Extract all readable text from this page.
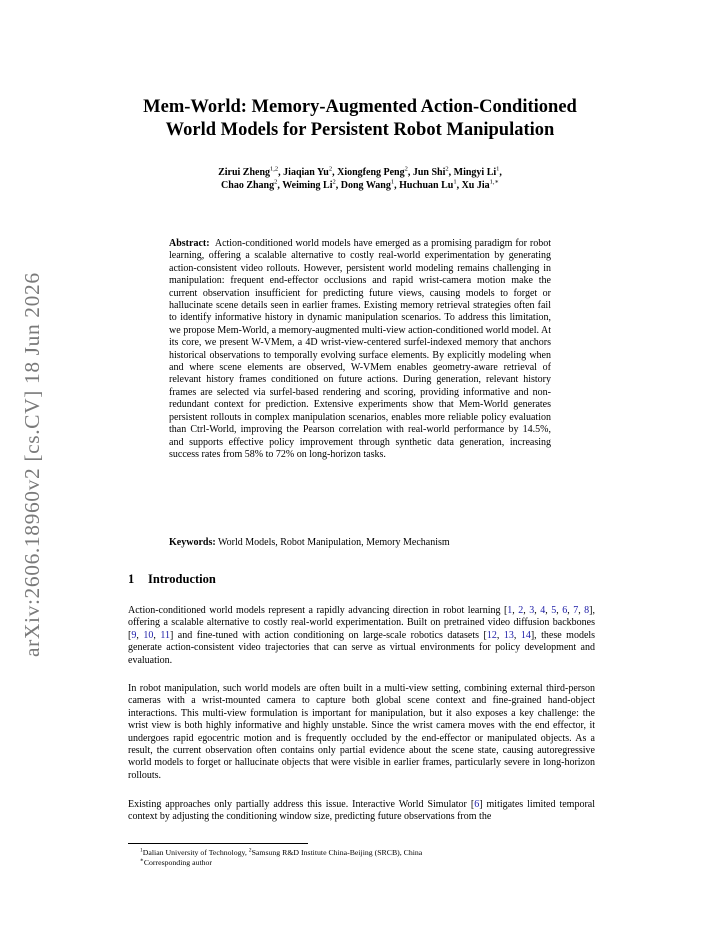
arXiv:2606.18960v2 [cs.CV] 18 Jun 2026
Mem-World: Memory-Augmented Action-Conditioned
World Models for Persistent Robot Manipulation
Zirui Zheng$^{1,2}$, Jiaqian Yu$^2$, Xiongfeng Peng$^2$, Jun Shi$^2$, Mingyi Li$^1$,
Chao Zhang$^2$, Weiming Li$^2$, Dong Wang$^1$, Huchuan Lu$^1$, Xu Jia$^{1,∗}$

Abstract: Action-conditioned world models have emerged as a promising paradigm for robot learning, offering a scalable alternative to costly real-world experimentation by generating action-consistent video rollouts. However, persistent world modeling remains challenging in manipulation: frequent end-effector occlusions and rapid wrist-camera motion make the current observation insufficient for predicting future views, causing models to forget or hallucinate scene details seen in earlier frames. Existing memory retrieval strategies often fail to identify informative history in dynamic manipulation scenarios. To address this limitation, we propose Mem-World, a memory-augmented multi-view action-conditioned world model. At its core, we present W-VMem, a 4D wrist-view-centered surfel-indexed memory that anchors historical observations to temporally evolving surface elements. By explicitly modeling when and where scene elements are observed, W-VMem enables geometry-aware retrieval of relevant history frames conditioned on future actions. During generation, relevant history frames are selected via surfel-based rendering and scoring, providing informative and non-redundant context for prediction. Extensive experiments show that Mem-World generates persistent rollouts in complex manipulation scenarios, enables more reliable policy evaluation than Ctrl-World, improving the Pearson correlation with real-world performance by 14.5%, and supports effective policy improvement through synthetic data generation, increasing success rates from 58% to 72% on long-horizon tasks.

Keywords: World Models, Robot Manipulation, Memory Mechanism

1 Introduction

Action-conditioned world models represent a rapidly advancing direction in robot learning [1, 2, 3, 4, 5, 6, 7, 8], offering a scalable alternative to costly real-world experimentation. Built on pretrained video diffusion backbones [9, 10, 11] and fine-tuned with action conditioning on large-scale robotics datasets [12, 13, 14], these models generate action-consistent video trajectories that can serve as virtual environments for policy development and evaluation.

In robot manipulation, such world models are often built in a multi-view setting, combining external third-person cameras with a wrist-mounted camera to capture both global scene context and fine-grained hand-object interactions. This multi-view formulation is important for manipulation, but it also exposes a key challenge: the wrist view is both highly informative and highly unstable. Since the wrist camera moves with the end effector, it undergoes rapid egocentric motion and is frequently occluded by the end-effector or manipulated objects. As a result, the current observation often contains only partial evidence about the scene state, causing autoregressive world models to forget or hallucinate objects that were visible in earlier frames, particularly severe in long-horizon rollouts.

Existing approaches only partially address this issue. Interactive World Simulator [6] mitigates limited temporal context by adjusting the conditioning window size, predicting future observations from the

$^1$Dalian University of Technology, $^2$Samsung R&D Institute China-Beijing (SRCB), China
∗Corresponding author
